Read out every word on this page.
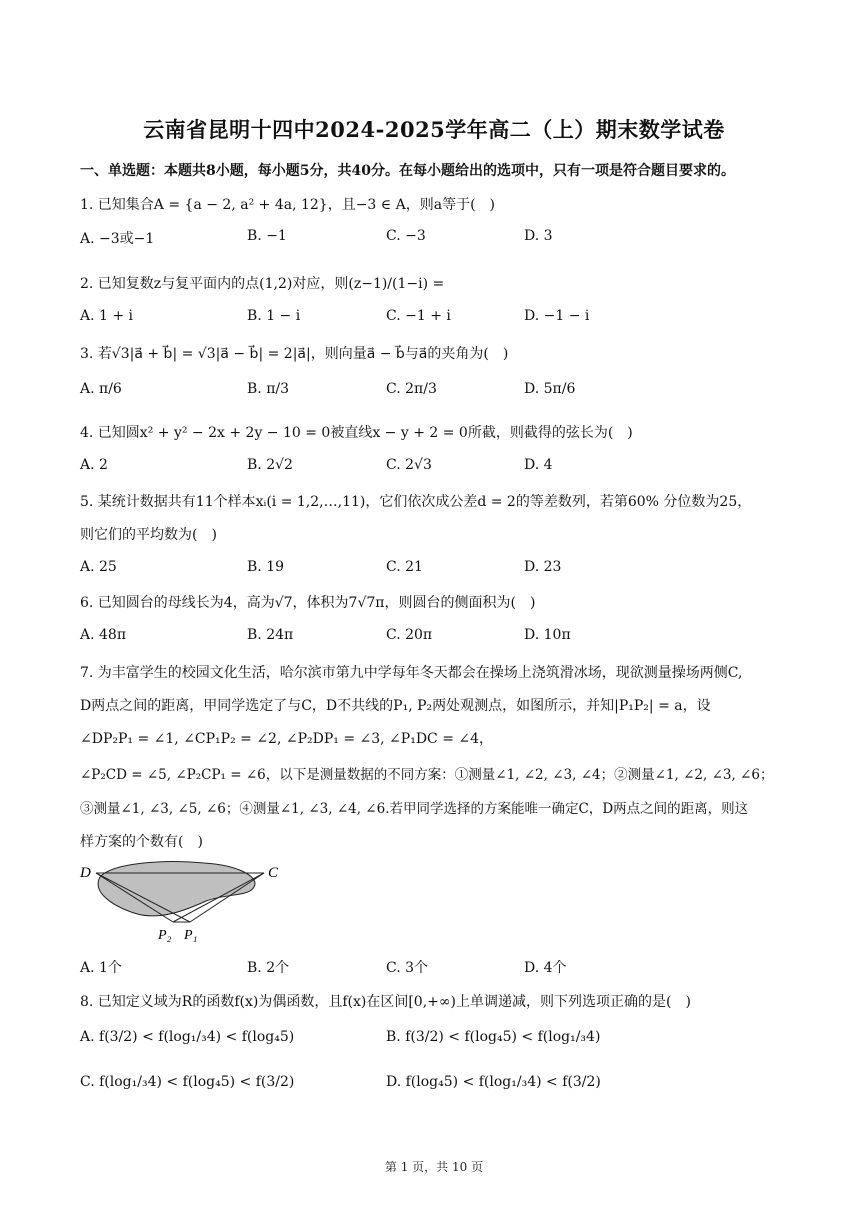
云南省昆明十四中2024-2025学年高二（上）期末数学试卷
一、单选题：本题共8小题，每小题5分，共40分。在每小题给出的选项中，只有一项是符合题目要求的。
1. 已知集合A = {a − 2, a² + 4a, 12}，且−3 ∈ A，则a等于(　)
A. −3或−1	B. −1	C. −3	D. 3
2. 已知复数z与复平面内的点(1,2)对应，则(z−1)/(1−i) =
A. 1 + i	B. 1 − i	C. −1 + i	D. −1 − i
3. 若√3|a⃗ + b⃗| = √3|a⃗ − b⃗| = 2|a⃗|，则向量a⃗ − b⃗与a⃗的夹角为(　)
A. π/6	B. π/3	C. 2π/3	D. 5π/6
4. 已知圆x² + y² − 2x + 2y − 10 = 0被直线x − y + 2 = 0所截，则截得的弦长为(　)
A. 2	B. 2√2	C. 2√3	D. 4
5. 某统计数据共有11个样本xᵢ(i = 1,2,…,11)，它们依次成公差d = 2的等差数列，若第60% 分位数为25，
则它们的平均数为(　)
A. 25	B. 19	C. 21	D. 23
6. 已知圆台的母线长为4，高为√7，体积为7√7π，则圆台的侧面积为(　)
A. 48π	B. 24π	C. 20π	D. 10π
7. 为丰富学生的校园文化生活，哈尔滨市第九中学每年冬天都会在操场上浇筑滑冰场，现欲测量操场两侧C,
D两点之间的距离，甲同学选定了与C，D不共线的P₁, P₂两处观测点，如图所示，并知|P₁P₂| = a，设
∠DP₂P₁ = ∠1, ∠CP₁P₂ = ∠2, ∠P₂DP₁ = ∠3, ∠P₁DC = ∠4，
∠P₂CD = ∠5, ∠P₂CP₁ = ∠6，以下是测量数据的不同方案：①测量∠1, ∠2, ∠3, ∠4；②测量∠1, ∠2, ∠3, ∠6；
③测量∠1, ∠3, ∠5, ∠6；④测量∠1, ∠3, ∠4, ∠6.若甲同学选择的方案能唯一确定C，D两点之间的距离，则这
样方案的个数有(　)
D	C
P₂ P₁
A. 1个	B. 2个	C. 3个	D. 4个
8. 已知定义域为R的函数f(x)为偶函数，且f(x)在区间[0,+∞)上单调递减，则下列选项正确的是(　)
A. f(3/2) < f(log₁/₃4) < f(log₄5)	B. f(3/2) < f(log₄5) < f(log₁/₃4)
C. f(log₁/₃4) < f(log₄5) < f(3/2)	D. f(log₄5) < f(log₁/₃4) < f(3/2)
第 1 页，共 10 页
